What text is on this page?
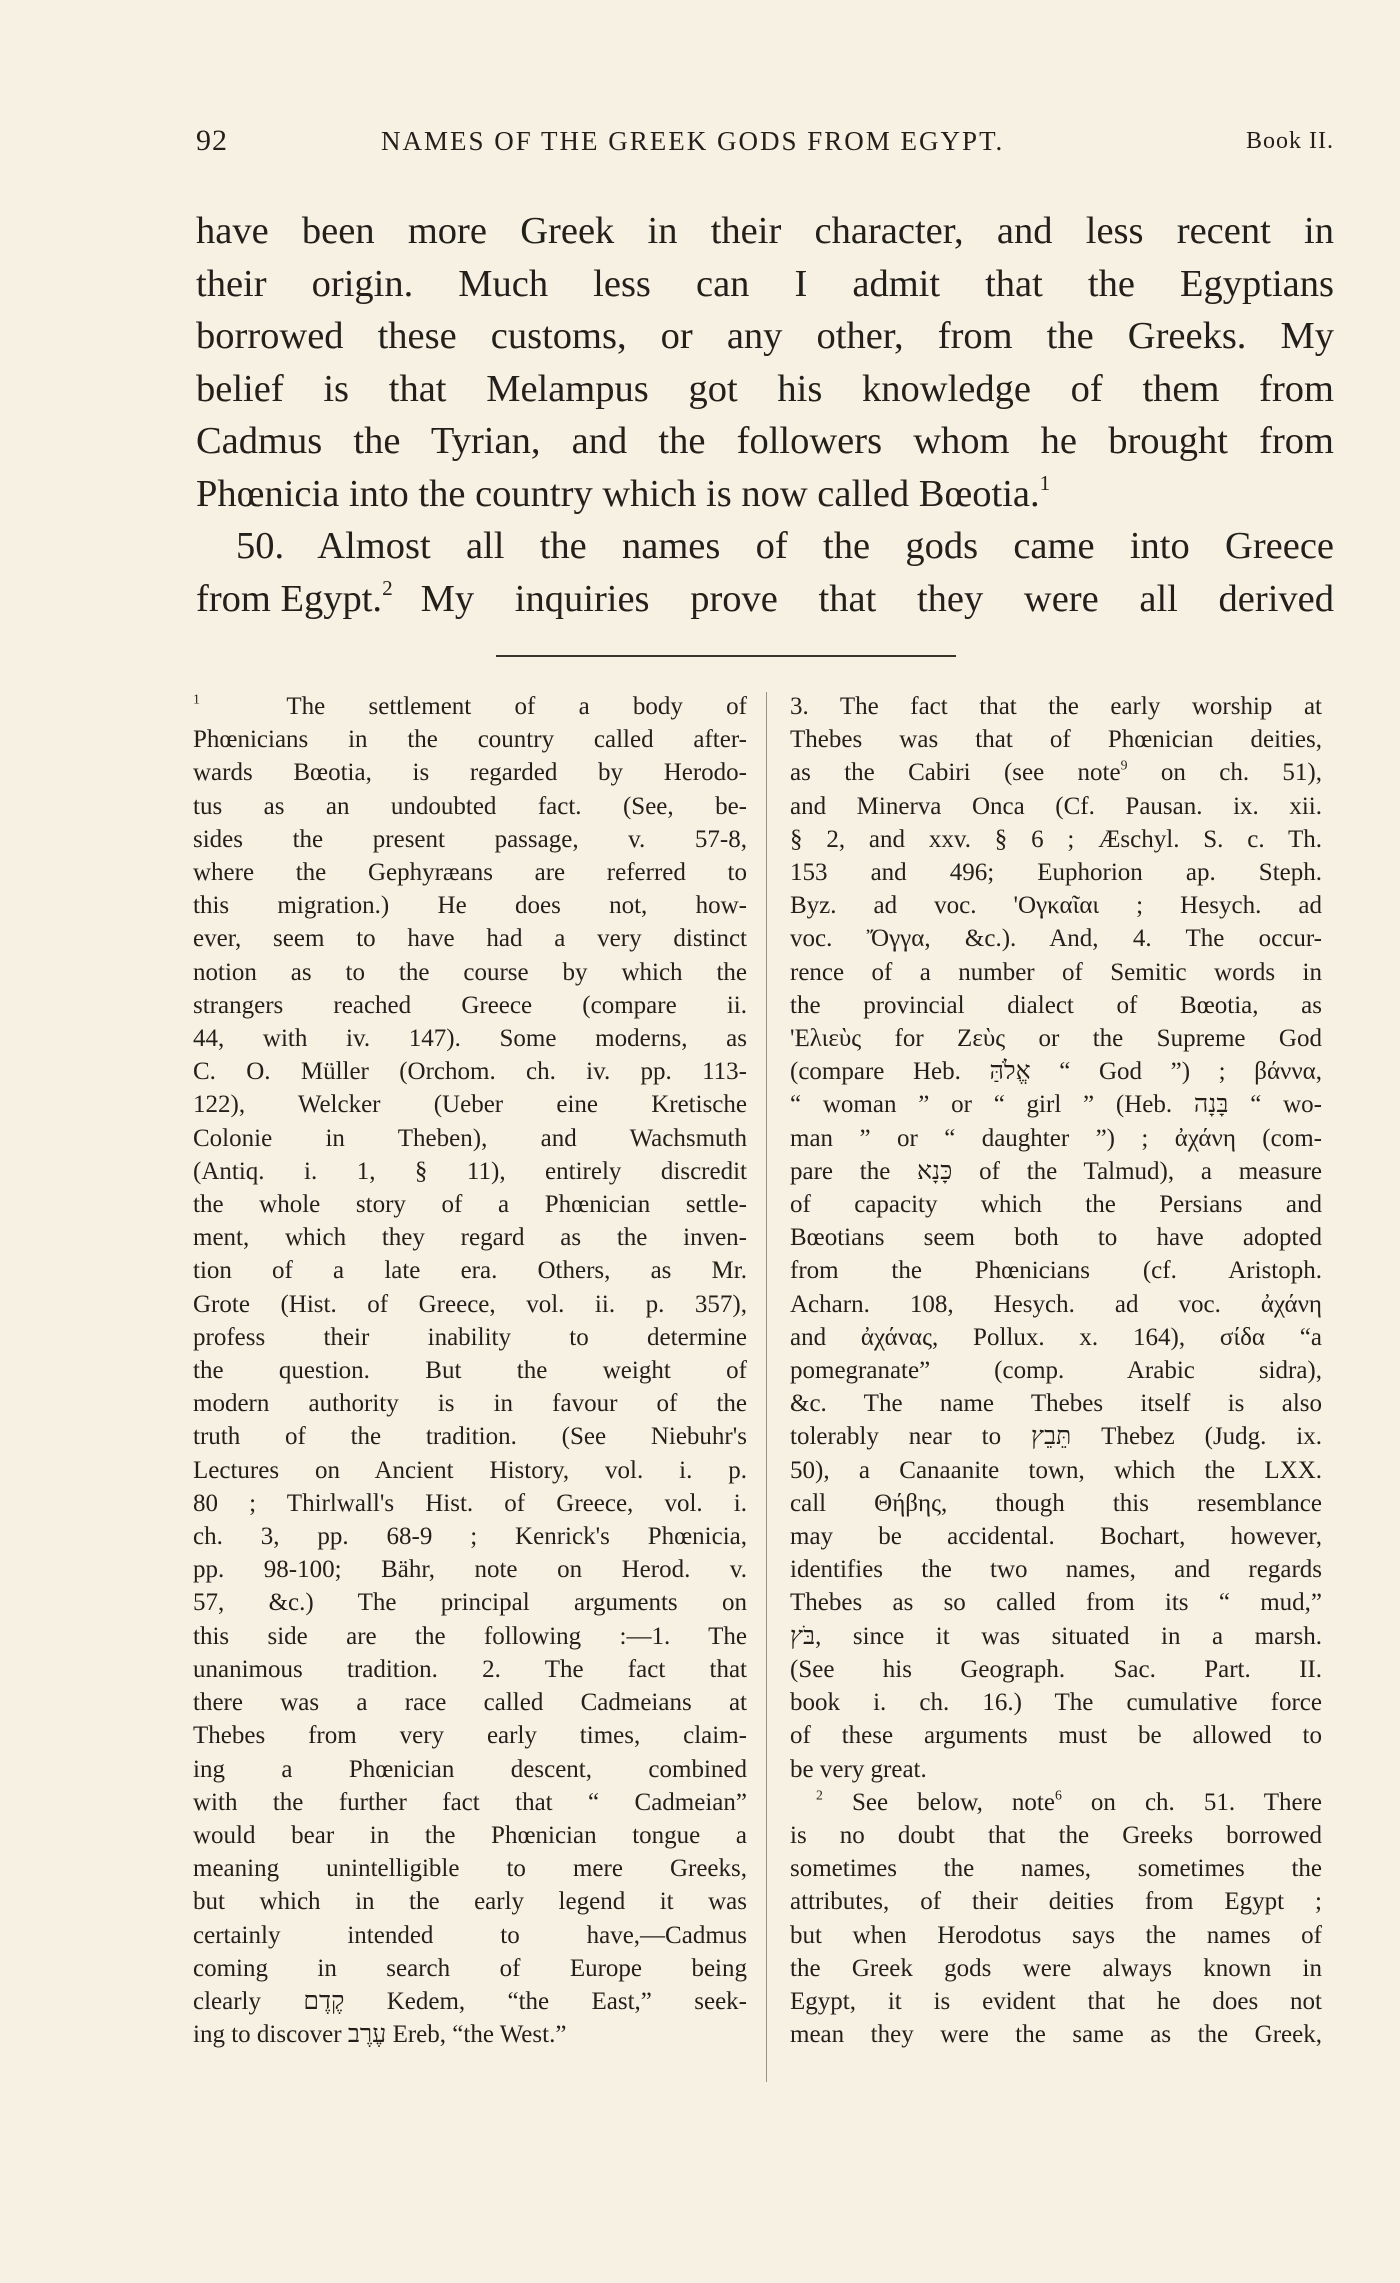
92	NAMES OF THE GREEK GODS FROM EGYPT.	Book II.
have been more Greek in their character, and less recent in
their origin. Much less can I admit that the Egyptians
borrowed these customs, or any other, from the Greeks. My
belief is that Melampus got his knowledge of them from
Cadmus the Tyrian, and the followers whom he brought from
Phœnicia into the country which is now called Bœotia.$^1$
50. Almost all the names of the gods came into Greece
from Egypt.$^2$ My inquiries prove that they were all derived
$^1$	The settlement of a body of
Phœnicians in the country called after-
wards Bœotia, is regarded by Herodo-
tus as an undoubted fact. (See, be-
sides the present passage, v. 57-8,
where the Gephyræans are referred to
this migration.) He does not, how-
ever, seem to have had a very distinct
notion as to the course by which the
strangers reached Greece (compare ii.
44, with iv. 147). Some moderns, as
C. O. Müller (Orchom. ch. iv. pp. 113-
122), Welcker (Ueber eine Kretische
Colonie in Theben), and Wachsmuth
(Antiq. i. 1, § 11), entirely discredit
the whole story of a Phœnician settle-
ment, which they regard as the inven-
tion of a late era. Others, as Mr.
Grote (Hist. of Greece, vol. ii. p. 357),
profess their inability to determine
the question. But the weight of
modern authority is in favour of the
truth of the tradition. (See Niebuhr's
Lectures on Ancient History, vol. i. p.
80 ; Thirlwall's Hist. of Greece, vol. i.
ch. 3, pp. 68-9 ; Kenrick's Phœnicia,
pp. 98-100; Bähr, note on Herod. v.
57, &c.) The principal arguments on
this side are the following :—1. The
unanimous tradition. 2. The fact that
there was a race called Cadmeians at
Thebes from very early times, claim-
ing a Phœnician descent, combined
with the further fact that “ Cadmeian”
would bear in the Phœnician tongue a
meaning unintelligible to mere Greeks,
but which in the early legend it was
certainly intended to have,—Cadmus
coming in search of Europe being
clearly קֶדֶם Kedem, “the East,” seek-
ing to discover עֶרֶב Ereb, “the West.”
3. The fact that the early worship at
Thebes was that of Phœnician deities,
as the Cabiri (see note$^9$ on ch. 51),
and Minerva Onca (Cf. Pausan. ix. xii.
§ 2, and xxv. § 6 ; Æschyl. S. c. Th.
153 and 496; Euphorion ap. Steph.
Byz. ad voc. 'Ογκαῖαι ; Hesych. ad
voc. Ὄγγα, &c.). And, 4. The occur-
rence of a number of Semitic words in
the provincial dialect of Bœotia, as
'Ελιεὺς for Ζεὺς or the Supreme God
(compare Heb. אֱלֹהַּ “ God ”) ; βάννα,
“ woman ” or “ girl ” (Heb. בָּנָה “ wo-
man ” or “ daughter ”) ; ἀχάνη (com-
pare the כָּנָא of the Talmud), a measure
of capacity which the Persians and
Bœotians seem both to have adopted
from the Phœnicians (cf. Aristoph.
Acharn. 108, Hesych. ad voc. ἀχάνη
and ἀχάνας, Pollux. x. 164), σίδα “a
pomegranate” (comp. Arabic sidra),
&c. The name Thebes itself is also
tolerably near to תֵּבֵץ Thebez (Judg. ix.
50), a Canaanite town, which the LXX.
call Θήβης, though this resemblance
may be accidental. Bochart, however,
identifies the two names, and regards
Thebes as so called from its “ mud,”
בֹּץ, since it was situated in a marsh.
(See his Geograph. Sac. Part. II.
book i. ch. 16.) The cumulative force
of these arguments must be allowed to
be very great.
$^2$ See below, note$^6$ on ch. 51. There
is no doubt that the Greeks borrowed
sometimes the names, sometimes the
attributes, of their deities from Egypt ;
but when Herodotus says the names of
the Greek gods were always known in
Egypt, it is evident that he does not
mean they were the same as the Greek,
